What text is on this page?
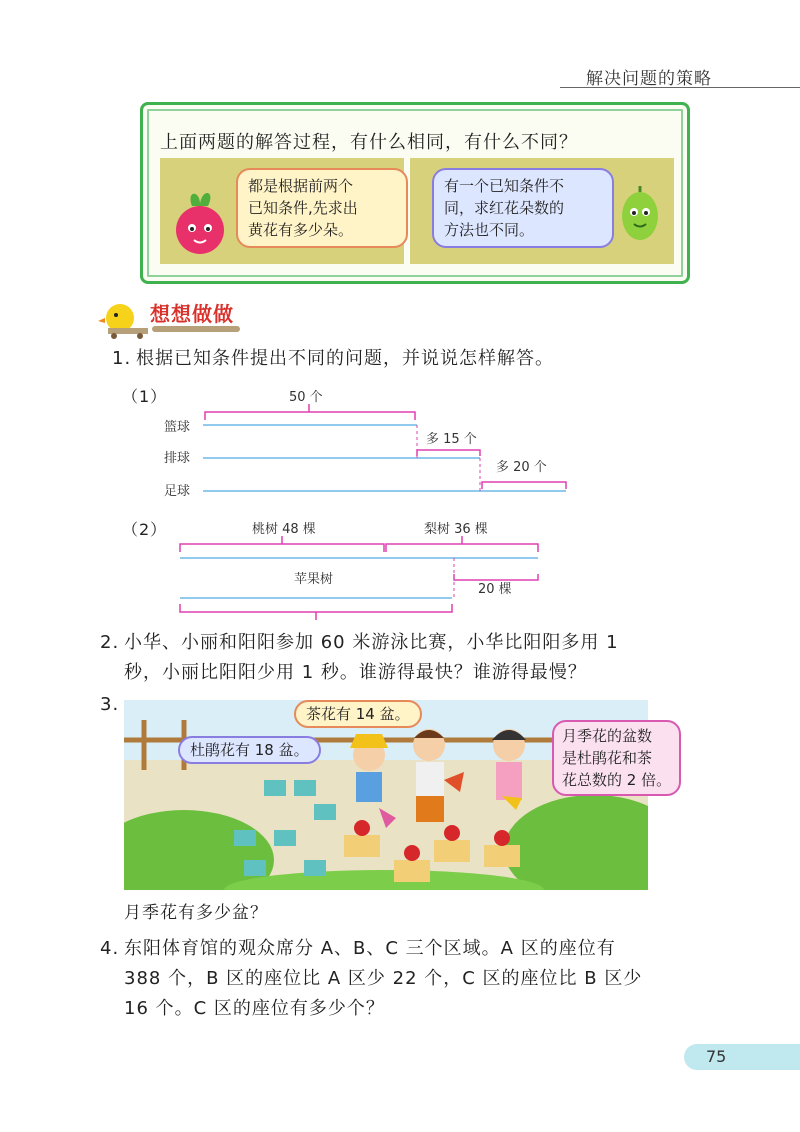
解决问题的策略
上面两题的解答过程，有什么相同，有什么不同？
都是根据前两个
已知条件,先求出
黄花有多少朵。
有一个已知条件不
同，求红花朵数的
方法也不同。
想想做做
1. 根据已知条件提出不同的问题，并说说怎样解答。
（1）	50 个
篮球
排球
足球
多 15 个
多 20 个
（2）	桃树 48 棵	梨树 36 棵
苹果树
20 棵
2. 小华、小丽和阳阳参加 60 米游泳比赛，小华比阳阳多用 1
秒，小丽比阳阳少用 1 秒。谁游得最快？谁游得最慢？
3.	茶花有 14 盆。
杜鹃花有 18 盆。
月季花的盆数
是杜鹃花和茶
花总数的 2 倍。
月季花有多少盆？
4. 东阳体育馆的观众席分 A、B、C 三个区域。A 区的座位有
388 个，B 区的座位比 A 区少 22 个，C 区的座位比 B 区少
16 个。C 区的座位有多少个？
75
